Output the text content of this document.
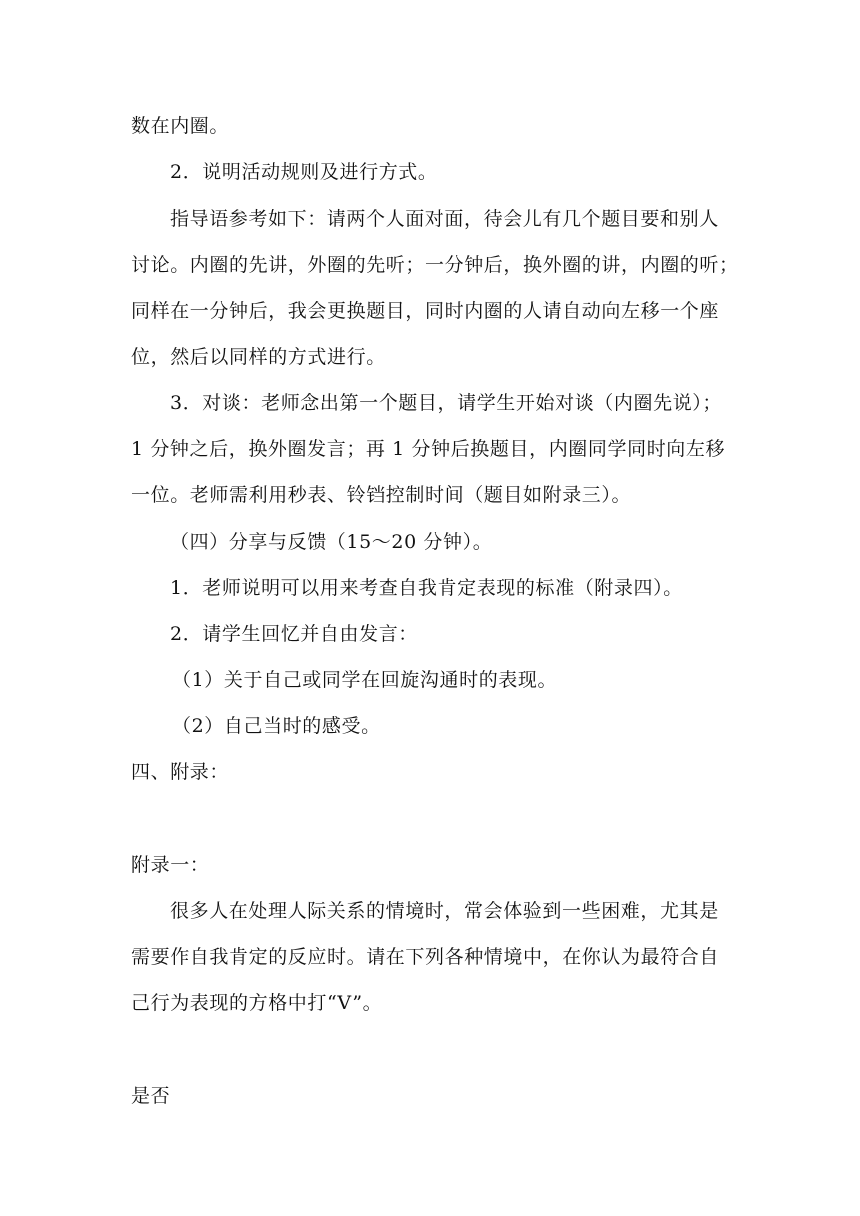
数在内圈。
2．说明活动规则及进行方式。
指导语参考如下：请两个人面对面，待会儿有几个题目要和别人
讨论。内圈的先讲，外圈的先听；一分钟后，换外圈的讲，内圈的听；
同样在一分钟后，我会更换题目，同时内圈的人请自动向左移一个座
位，然后以同样的方式进行。
3．对谈：老师念出第一个题目，请学生开始对谈（内圈先说）；
1 分钟之后，换外圈发言；再 1 分钟后换题目，内圈同学同时向左移
一位。老师需利用秒表、铃铛控制时间（题目如附录三）。
（四）分享与反馈（15～20 分钟）。
1．老师说明可以用来考查自我肯定表现的标准（附录四）。
2．请学生回忆并自由发言：
（1）关于自己或同学在回旋沟通时的表现。
（2）自己当时的感受。
四、附录：
附录一：
很多人在处理人际关系的情境时，常会体验到一些困难，尤其是
需要作自我肯定的反应时。请在下列各种情境中，在你认为最符合自
己行为表现的方格中打“V”。
是否
